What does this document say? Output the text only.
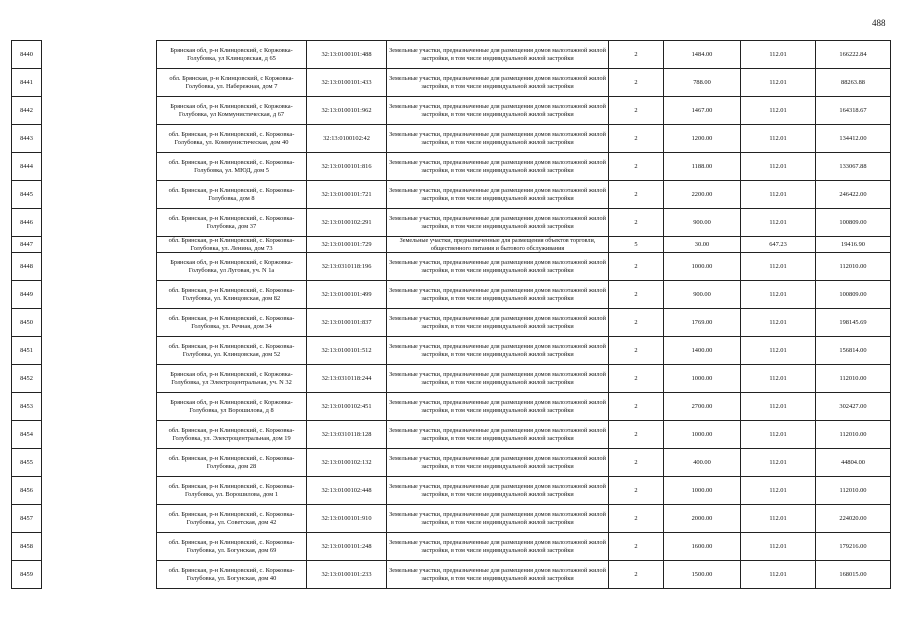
488
8440		Брянская обл, р-н Клинцовский, с Коржовка-Голубовка, ул Клинцовская, д 65	32:13:0100101:488	Земельные участки, предназначенные для размещения домов малоэтажной жилой застройки, в том числе индивидуальной жилой застройки	2	1484.00	112.01	166222.84
8441		обл. Брянская, р-н Клинцовский, с Коржовка-Голубовка, ул. Набережная, дом 7	32:13:0100101:433	Земельные участки, предназначенные для размещения домов малоэтажной жилой застройки, в том числе индивидуальной жилой застройки	2	788.00	112.01	88263.88
8442		Брянская обл, р-н Клинцовский, с Коржовка-Голубовка, ул Коммунистическая, д 67	32:13:0100101:962	Земельные участки, предназначенные для размещения домов малоэтажной жилой застройки, в том числе индивидуальной жилой застройки	2	1467.00	112.01	164318.67
8443		обл. Брянская, р-н Клинцовский, с. Коржовка-Голубовка, ул. Коммунистическая, дом 40	32:13:0100102:42	Земельные участки, предназначенные для размещения домов малоэтажной жилой застройки, в том числе индивидуальной жилой застройки	2	1200.00	112.01	134412.00
8444		обл. Брянская, р-н Клинцовский, с. Коржовка-Голубовка, ул. МЮД, дом 5	32:13:0100101:816	Земельные участки, предназначенные для размещения домов малоэтажной жилой застройки, в том числе индивидуальной жилой застройки	2	1188.00	112.01	133067.88
8445		обл. Брянская, р-н Клинцовский, с. Коржовка-Голубовка, дом 8	32:13:0100101:721	Земельные участки, предназначенные для размещения домов малоэтажной жилой застройки, в том числе индивидуальной жилой застройки	2	2200.00	112.01	246422.00
8446		обл. Брянская, р-н Клинцовский, с. Коржовка-Голубовка, дом 37	32:13:0100102:291	Земельные участки, предназначенные для размещения домов малоэтажной жилой застройки, в том числе индивидуальной жилой застройки	2	900.00	112.01	100809.00
8447		обл. Брянская, р-н Клинцовский, с. Коржовка-Голубовка, ул. Ленина, дом 73	32:13:0100101:729	Земельные участки, предназначенные для размещения объектов торговли, общественного питания и бытового обслуживания	5	30.00	647.23	19416.90
8448		Брянская обл, р-н Клинцовский, с Коржовка-Голубовка, ул Луговая, уч. N 1а	32:13:0310118:196	Земельные участки, предназначенные для размещения домов малоэтажной жилой застройки, в том числе индивидуальной жилой застройки	2	1000.00	112.01	112010.00
8449		обл. Брянская, р-н Клинцовский, с. Коржовка-Голубовка, ул. Клинцовская, дом 82	32:13:0100101:499	Земельные участки, предназначенные для размещения домов малоэтажной жилой застройки, в том числе индивидуальной жилой застройки	2	900.00	112.01	100809.00
8450		обл. Брянская, р-н Клинцовский, с. Коржовка-Голубовка, ул. Речная, дом 34	32:13:0100101:837	Земельные участки, предназначенные для размещения домов малоэтажной жилой застройки, в том числе индивидуальной жилой застройки	2	1769.00	112.01	198145.69
8451		обл. Брянская, р-н Клинцовский, с. Коржовка-Голубовка, ул. Клинцовская, дом 52	32:13:0100101:512	Земельные участки, предназначенные для размещения домов малоэтажной жилой застройки, в том числе индивидуальной жилой застройки	2	1400.00	112.01	156814.00
8452		Брянская обл, р-н Клинцовский, с Коржовка-Голубовка, ул Электроцентральная, уч. N 32	32:13:0310118:244	Земельные участки, предназначенные для размещения домов малоэтажной жилой застройки, в том числе индивидуальной жилой застройки	2	1000.00	112.01	112010.00
8453		Брянская обл, р-н Клинцовский, с Коржовка-Голубовка, ул Ворошилова, д 8	32:13:0100102:451	Земельные участки, предназначенные для размещения домов малоэтажной жилой застройки, в том числе индивидуальной жилой застройки	2	2700.00	112.01	302427.00
8454		обл. Брянская, р-н Клинцовский, с. Коржовка-Голубовка, ул. Электроцентральная, дом 19	32:13:0310118:128	Земельные участки, предназначенные для размещения домов малоэтажной жилой застройки, в том числе индивидуальной жилой застройки	2	1000.00	112.01	112010.00
8455		обл. Брянская, р-н Клинцовский, с. Коржовка-Голубовка, дом 28	32:13:0100102:132	Земельные участки, предназначенные для размещения домов малоэтажной жилой застройки, в том числе индивидуальной жилой застройки	2	400.00	112.01	44804.00
8456		обл. Брянская, р-н Клинцовский, с. Коржовка-Голубовка, ул. Ворошилова, дом 1	32:13:0100102:448	Земельные участки, предназначенные для размещения домов малоэтажной жилой застройки, в том числе индивидуальной жилой застройки	2	1000.00	112.01	112010.00
8457		обл. Брянская, р-н Клинцовский, с. Коржовка-Голубовка, ул. Советская, дом 42	32:13:0100101:910	Земельные участки, предназначенные для размещения домов малоэтажной жилой застройки, в том числе индивидуальной жилой застройки	2	2000.00	112.01	224020.00
8458		обл. Брянская, р-н Клинцовский, с. Коржовка-Голубовка, ул. Богунская, дом 69	32:13:0100101:248	Земельные участки, предназначенные для размещения домов малоэтажной жилой застройки, в том числе индивидуальной жилой застройки	2	1600.00	112.01	179216.00
8459		обл. Брянская, р-н Клинцовский, с. Коржовка-Голубовка, ул. Богунская, дом 40	32:13:0100101:233	Земельные участки, предназначенные для размещения домов малоэтажной жилой застройки, в том числе индивидуальной жилой застройки	2	1500.00	112.01	168015.00
